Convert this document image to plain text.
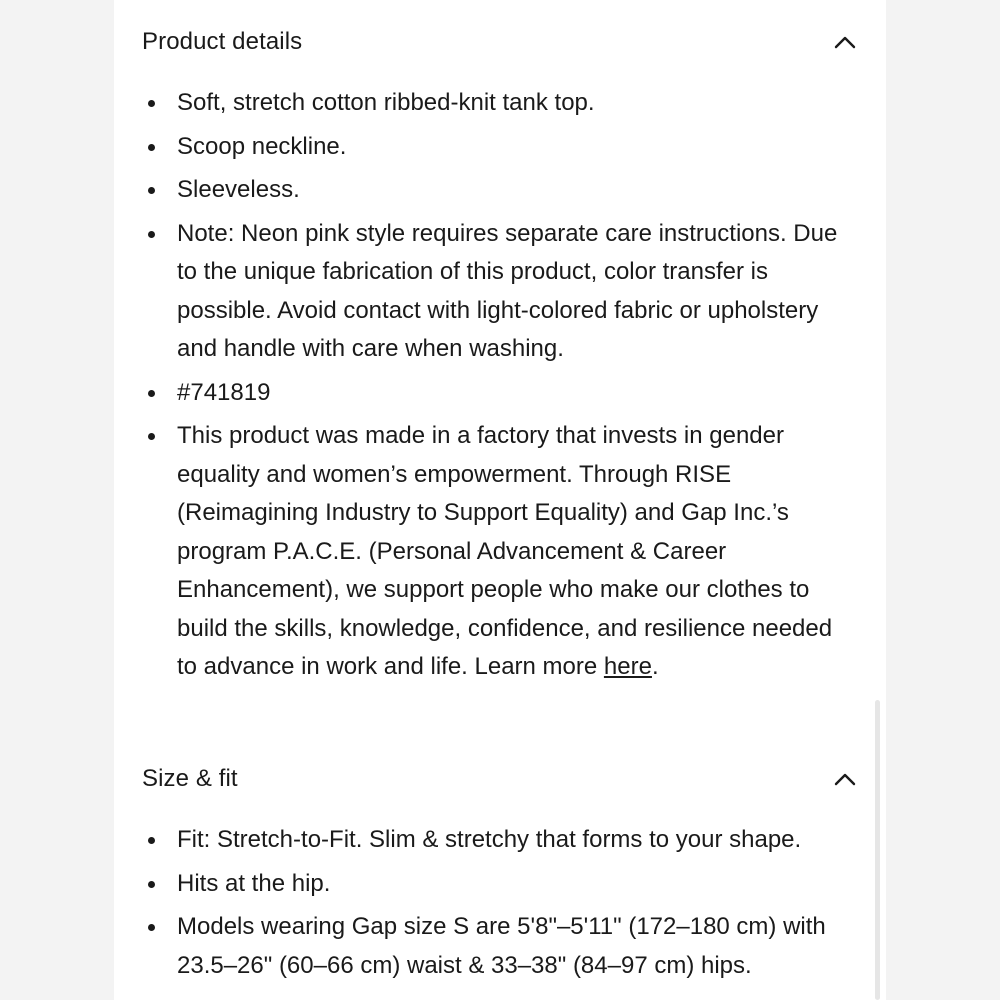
Product details
Soft, stretch cotton ribbed-knit tank top.
Scoop neckline.
Sleeveless.
Note: Neon pink style requires separate care instructions. Due to the unique fabrication of this product, color transfer is possible. Avoid contact with light-colored fabric or upholstery and handle with care when washing.
#741819
This product was made in a factory that invests in gender equality and women’s empowerment. Through RISE (Reimagining Industry to Support Equality) and Gap Inc.’s program P.A.C.E. (Personal Advancement & Career Enhancement), we support people who make our clothes to build the skills, knowledge, confidence, and resilience needed to advance in work and life. Learn more here.
Size & fit
Fit: Stretch-to-Fit. Slim & stretchy that forms to your shape.
Hits at the hip.
Models wearing Gap size S are 5'8"–5'11" (172–180 cm) with 23.5–26" (60–66 cm) waist & 33–38" (84–97 cm) hips.
